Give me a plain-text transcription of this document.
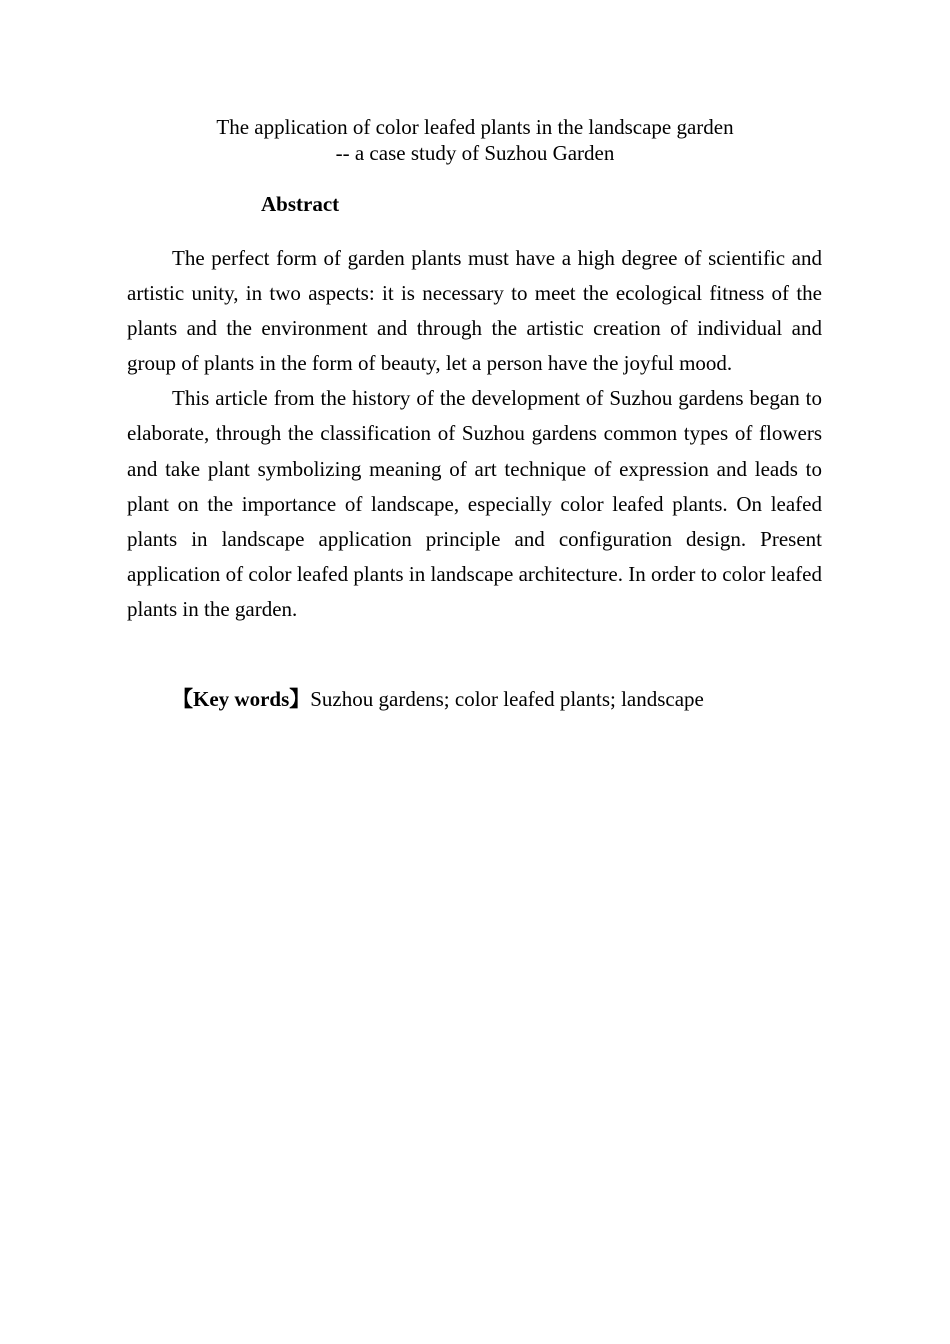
The application of color leafed plants in the landscape garden
-- a case study of Suzhou Garden
Abstract

The perfect form of garden plants must have a high degree of scientific and artistic unity, in two aspects: it is necessary to meet the ecological fitness of the plants and the environment and through the artistic creation of individual and group of plants in the form of beauty, let a person have the joyful mood.

This article from the history of the development of Suzhou gardens began to elaborate, through the classification of Suzhou gardens common types of flowers and take plant symbolizing meaning of art technique of expression and leads to plant on the importance of landscape, especially color leafed plants. On leafed plants in landscape application principle and configuration design. Present application of color leafed plants in landscape architecture. In order to color leafed plants in the garden.

【Key words】Suzhou gardens; color leafed plants; landscape
